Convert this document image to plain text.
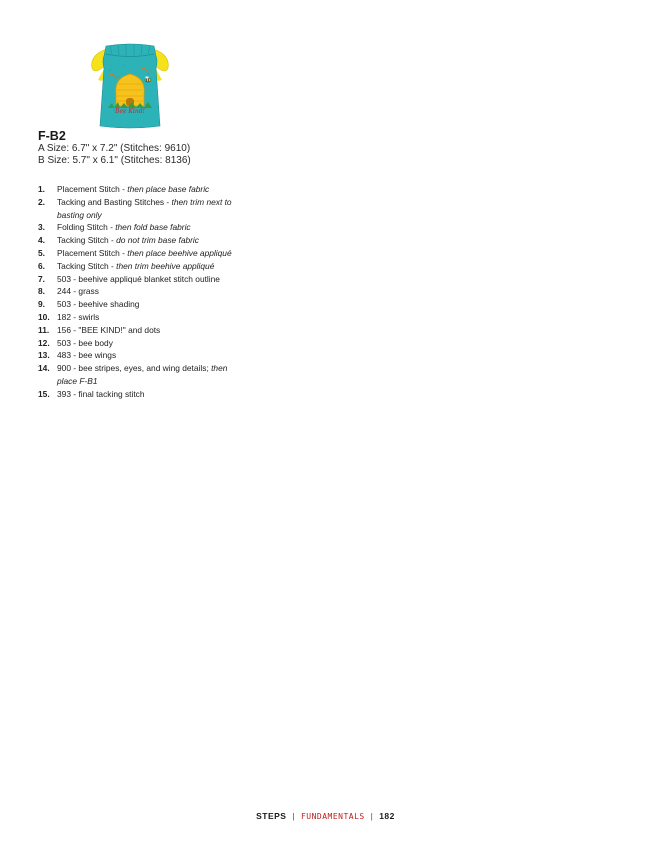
Bee Kind!
F-B2
A Size: 6.7" x 7.2" (Stitches: 9610)
B Size: 5.7" x 6.1" (Stitches: 8136)
1. Placement Stitch - then place base fabric
2. Tacking and Basting Stitches - then trim next to basting only
3. Folding Stitch - then fold base fabric
4. Tacking Stitch - do not trim base fabric
5. Placement Stitch - then place beehive appliqué
6. Tacking Stitch - then trim beehive appliqué
7. 503 - beehive appliqué blanket stitch outline
8. 244 - grass
9. 503 - beehive shading
10. 182 - swirls
11. 156 - "BEE KIND!" and dots
12. 503 - bee body
13. 483 - bee wings
14. 900 - bee stripes, eyes, and wing details; then place F-B1
15. 393 - final tacking stitch
STEPS | FUNDAMENTALS | 182
